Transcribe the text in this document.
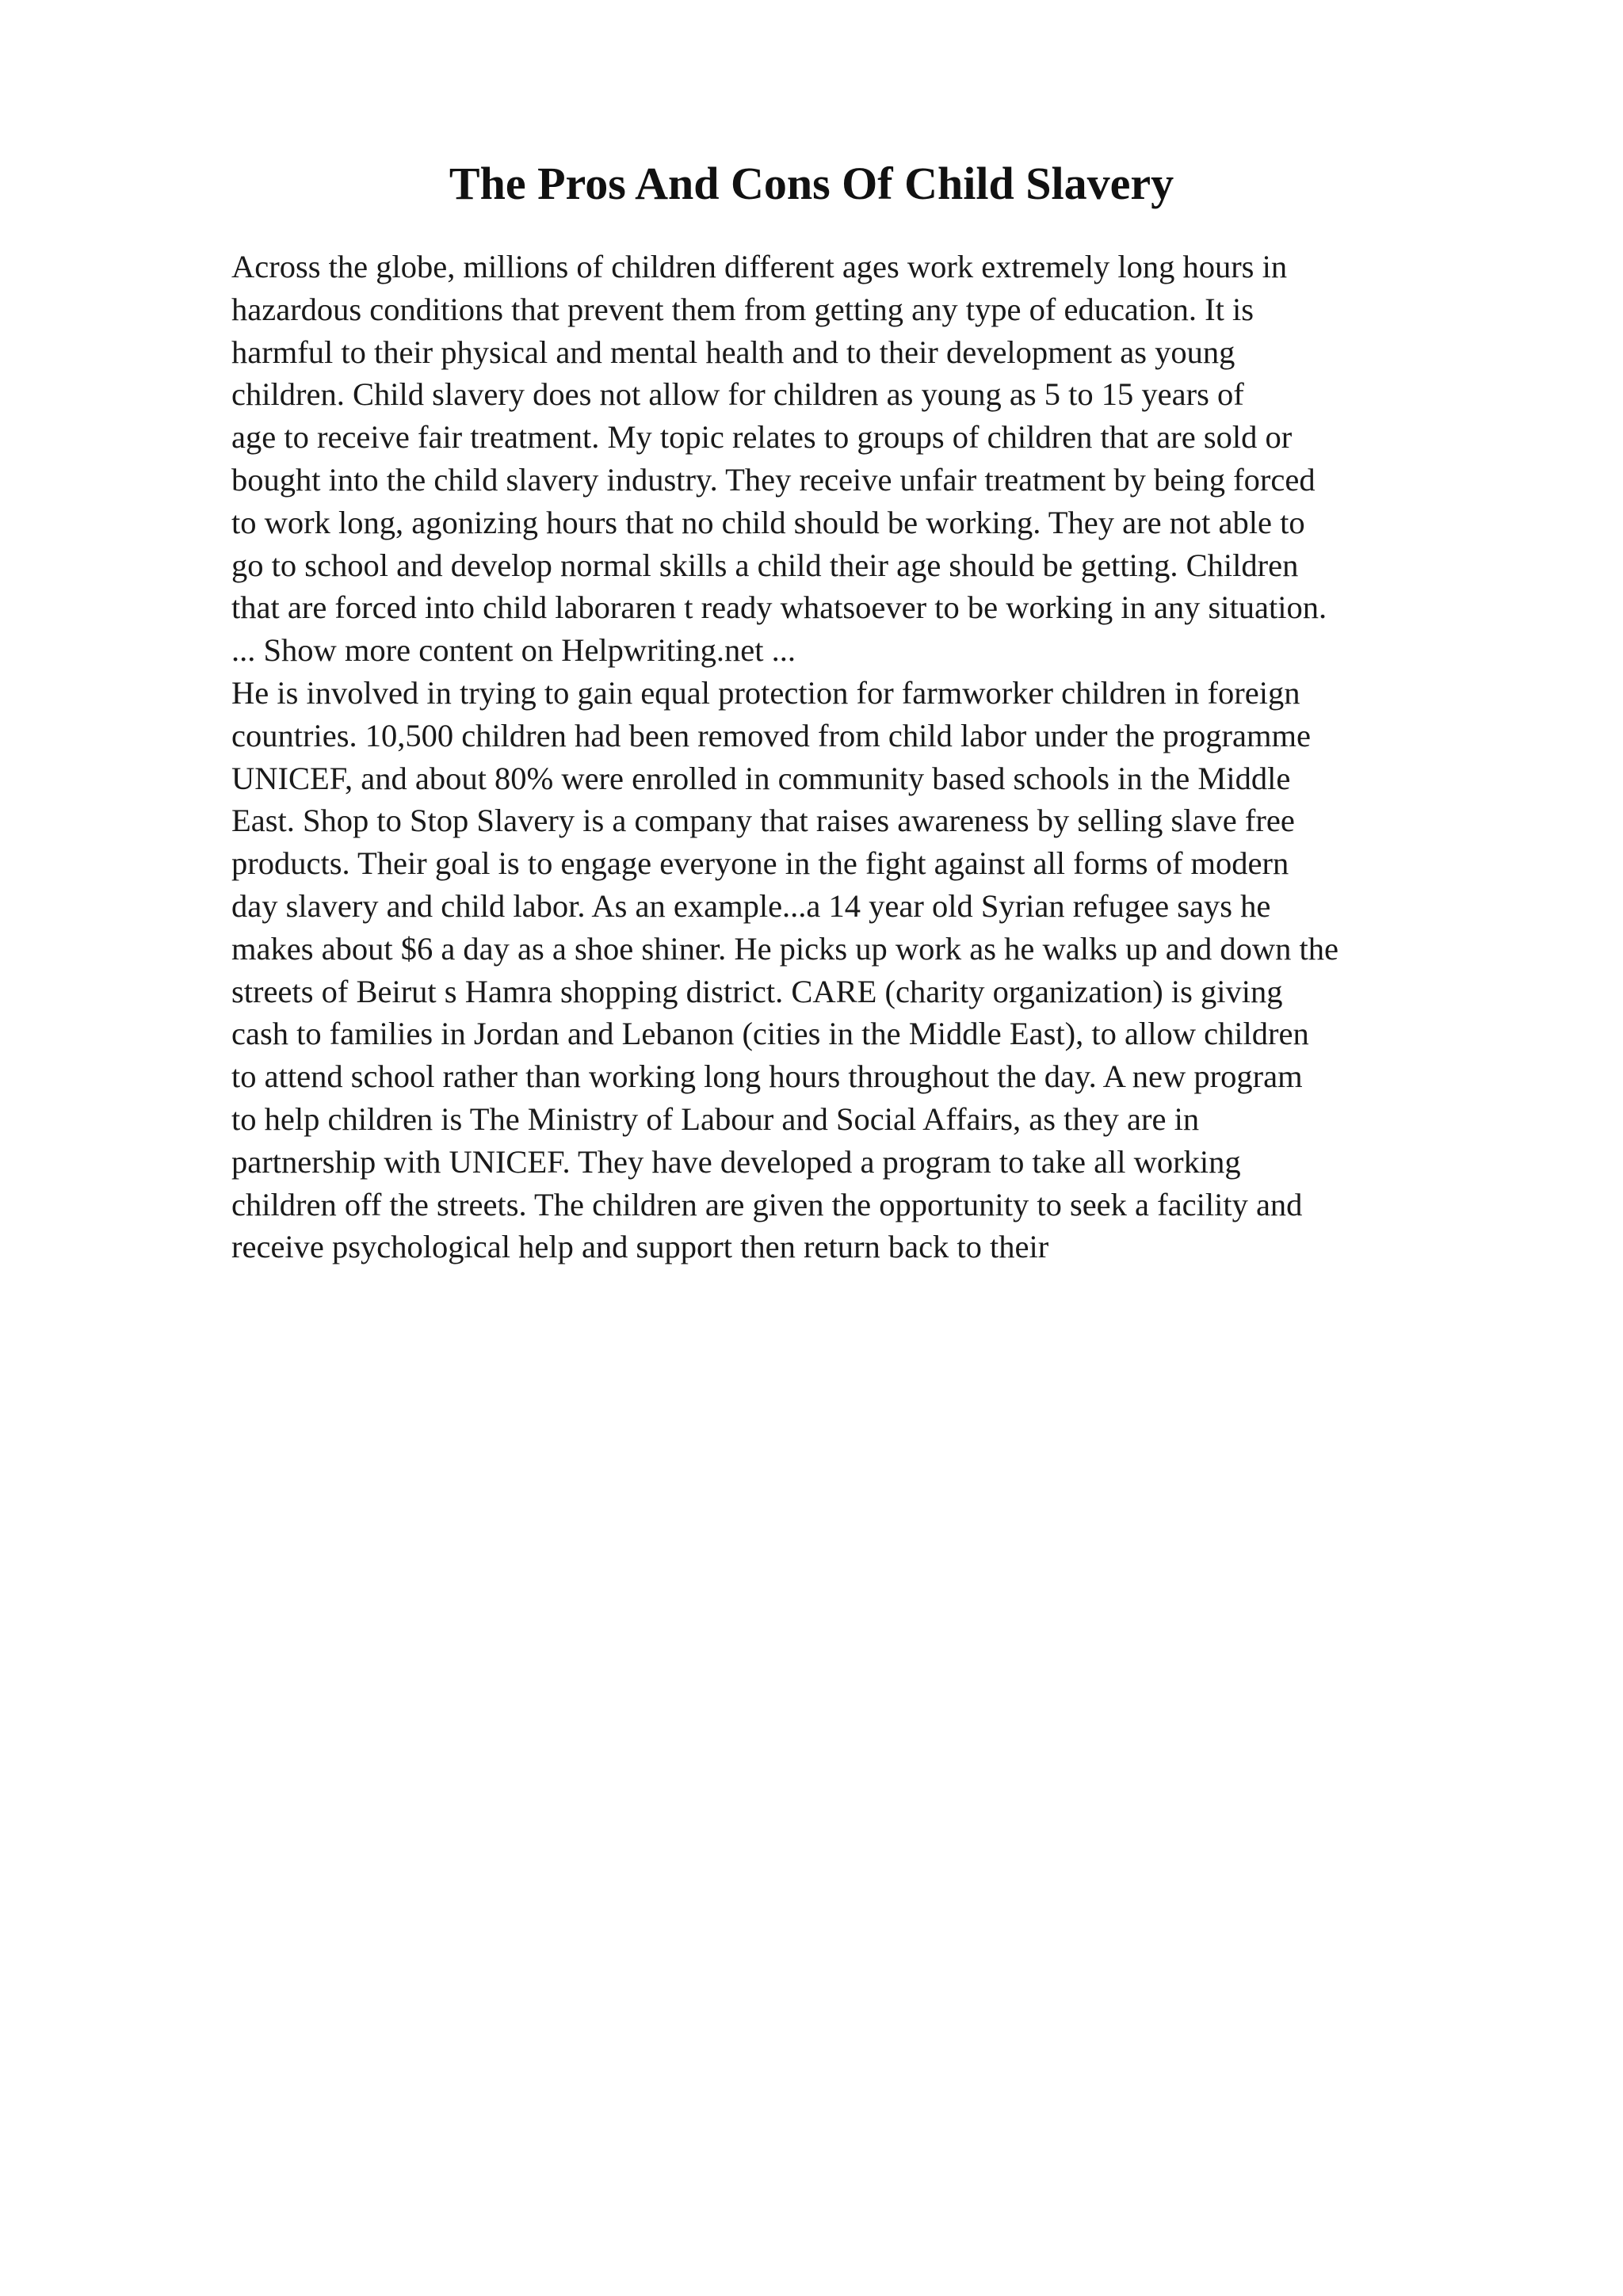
The Pros And Cons Of Child Slavery
Across the globe, millions of children different ages work extremely long hours in
hazardous conditions that prevent them from getting any type of education. It is
harmful to their physical and mental health and to their development as young
children. Child slavery does not allow for children as young as 5 to 15 years of
age to receive fair treatment. My topic relates to groups of children that are sold or
bought into the child slavery industry. They receive unfair treatment by being forced
to work long, agonizing hours that no child should be working. They are not able to
go to school and develop normal skills a child their age should be getting. Children
that are forced into child laboraren t ready whatsoever to be working in any situation.
... Show more content on Helpwriting.net ...
He is involved in trying to gain equal protection for farmworker children in foreign
countries. 10,500 children had been removed from child labor under the programme
UNICEF, and about 80% were enrolled in community based schools in the Middle
East. Shop to Stop Slavery is a company that raises awareness by selling slave free
products. Their goal is to engage everyone in the fight against all forms of modern
day slavery and child labor. As an example...a 14 year old Syrian refugee says he
makes about $6 a day as a shoe shiner. He picks up work as he walks up and down the
streets of Beirut s Hamra shopping district. CARE (charity organization) is giving
cash to families in Jordan and Lebanon (cities in the Middle East), to allow children
to attend school rather than working long hours throughout the day. A new program
to help children is The Ministry of Labour and Social Affairs, as they are in
partnership with UNICEF. They have developed a program to take all working
children off the streets. The children are given the opportunity to seek a facility and
receive psychological help and support then return back to their
